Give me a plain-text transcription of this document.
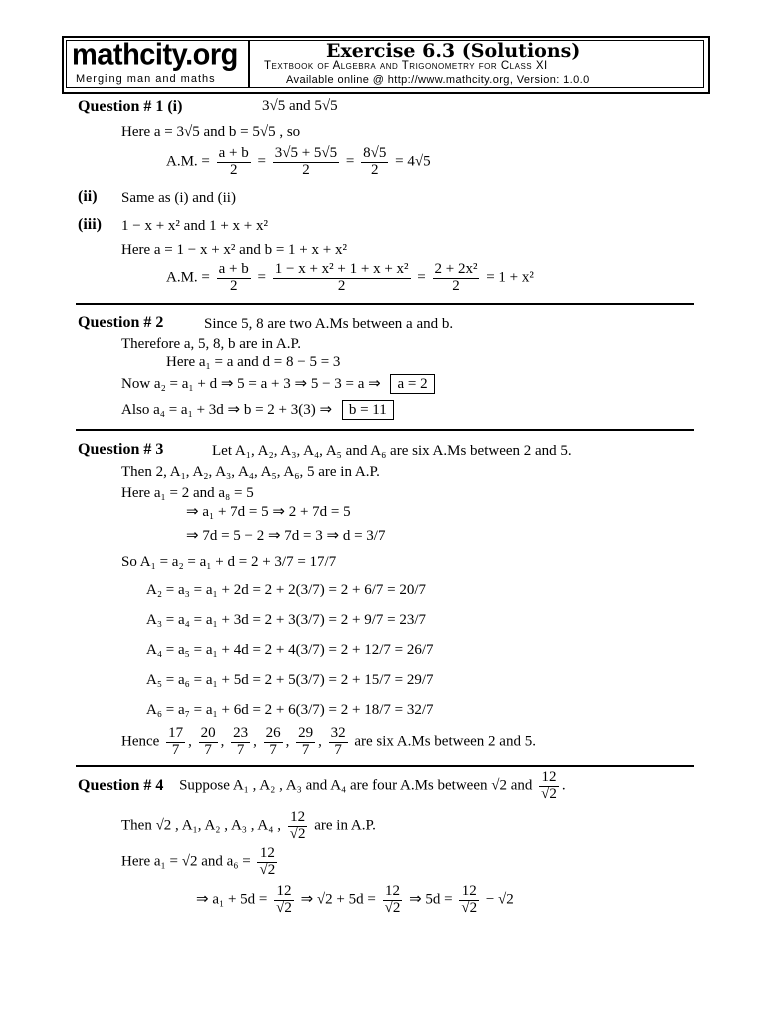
mathcity.org
Merging man and maths
Exercise 6.3 (Solutions)
Textbook of Algebra and Trigonometry for Class XI
Available online @ http://www.mathcity.org, Version: 1.0.0
Question # 1 (i)	3√5 and 5√5
Here a = 3√5 and b = 5√5 , so
A.M. = $\frac{a + b}{2} = \frac{3√5 + 5√5}{2} = \frac{8√5}{2} = 4√5$
(ii) Same as (i) and (ii)
(iii) 1 − x + x² and 1 + x + x²
Here a = 1 − x + x² and b = 1 + x + x²
A.M. = $\frac{a + b}{2} = \frac{\text{1 − x + x² + 1 + x + x²}}{2} = \frac{\text{2 + 2x²}}{2} = 1 + x^2$
Question # 2	Since 5, 8 are two A.Ms between a and b.
Therefore a, 5, 8, b are in A.P.
Here a₁ = a and d = 8 − 5 = 3
Now a₂ = a₁ + d ⇒ 5 = a + 3 ⇒ 5 − 3 = a ⇒ a = 2
Also a₄ = a₁ + 3d ⇒ b = 2 + 3(3) ⇒ b = 11
Question # 3	Let A₁, A₂, A₃, A₄, A₅ and A₆ are six A.Ms between 2 and 5.
Then 2, A₁, A₂, A₃, A₄, A₅, A₆, 5 are in A.P.
Here a₁ = 2 and a₈ = 5
⇒ a₁ + 7d = 5 ⇒ 2 + 7d = 5
⇒ 7d = 5 − 2 ⇒ 7d = 3 ⇒ d = 3/7
So A₁ = a₂ = a₁ + d = 2 + 3/7 = 17/7
A₂ = a₃ = a₁ + 2d = 2 + 2(3/7) = 2 + 6/7 = 20/7
A₃ = a₄ = a₁ + 3d = 2 + 3(3/7) = 2 + 9/7 = 23/7
A₄ = a₅ = a₁ + 4d = 2 + 4(3/7) = 2 + 12/7 = 26/7
A₅ = a₆ = a₁ + 5d = 2 + 5(3/7) = 2 + 15/7 = 29/7
A₆ = a₇ = a₁ + 6d = 2 + 6(3/7) = 2 + 18/7 = 32/7
Hence $\frac{17}{7}$ , $\frac{20}{7}$ , $\frac{23}{7}$ , $\frac{26}{7}$ , $\frac{29}{7}$ , $\frac{32}{7}$ are six A.Ms between 2 and 5.
Question # 4 Suppose A₁ , A₂ , A₃ and A₄ are four A.Ms between √2 and $\frac{12}{√2}$ .
Then √2 , A₁, A₂ , A₃ , A₄ , $\frac{12}{√2}$ are in A.P.
Here a₁ = √2 and $a_6 = \frac{12}{√2}$
⇒ $a_1 + 5d = \frac{12}{√2}$ ⇒ $√2 + 5d = \frac{12}{√2}$ ⇒ $5d = \frac{12}{√2} - √2$
